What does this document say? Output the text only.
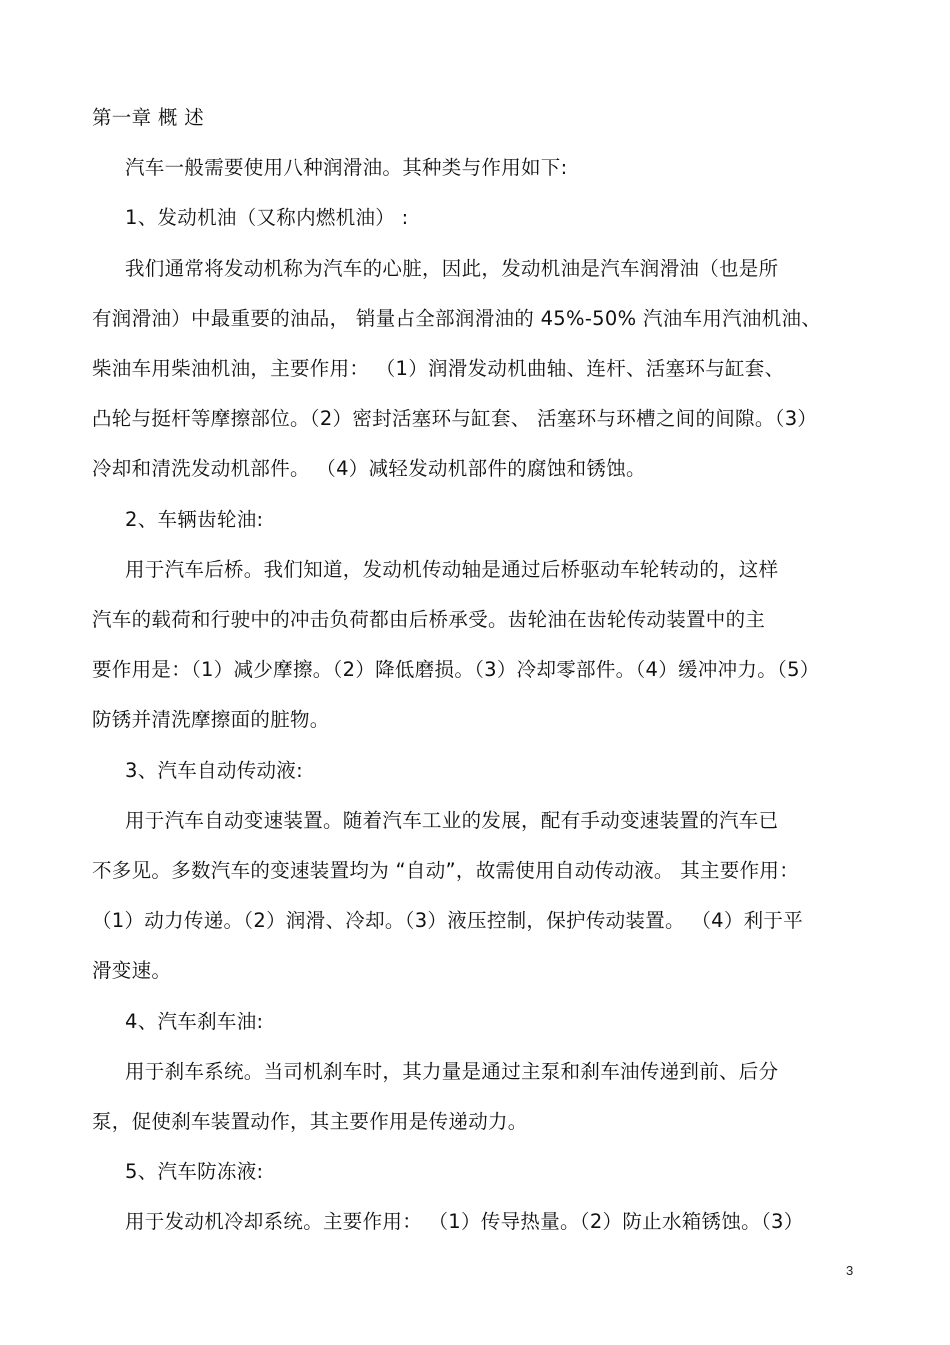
第一章 概 述
汽车一般需要使用八种润滑油。其种类与作用如下:
1、发动机油（又称内燃机油） :
我们通常将发动机称为汽车的心脏，因此，发动机油是汽车润滑油（也是所
有润滑油）中最重要的油品， 销量占全部润滑油的 45%-50% 汽油车用汽油机油、
柴油车用柴油机油，主要作用： （1）润滑发动机曲轴、连杆、活塞环与缸套、
凸轮与挺杆等摩擦部位。（2）密封活塞环与缸套、 活塞环与环槽之间的间隙。（3）
冷却和清洗发动机部件。 （4）减轻发动机部件的腐蚀和锈蚀。
2、车辆齿轮油:
用于汽车后桥。我们知道，发动机传动轴是通过后桥驱动车轮转动的，这样
汽车的载荷和行驶中的冲击负荷都由后桥承受。齿轮油在齿轮传动装置中的主
要作用是：（1）减少摩擦。（2）降低磨损。（3）冷却零部件。（4）缓冲冲力。（5）
防锈并清洗摩擦面的脏物。
3、汽车自动传动液:
用于汽车自动变速装置。随着汽车工业的发展，配有手动变速装置的汽车已
不多见。多数汽车的变速装置均为 “自动”，故需使用自动传动液。 其主要作用：
（1）动力传递。（2）润滑、冷却。（3）液压控制，保护传动装置。 （4）利于平
滑变速。
4、汽车刹车油:
用于刹车系统。当司机刹车时，其力量是通过主泵和刹车油传递到前、后分
泵，促使刹车装置动作，其主要作用是传递动力。
5、汽车防冻液:
用于发动机冷却系统。主要作用： （1）传导热量。（2）防止水箱锈蚀。（3）
3
